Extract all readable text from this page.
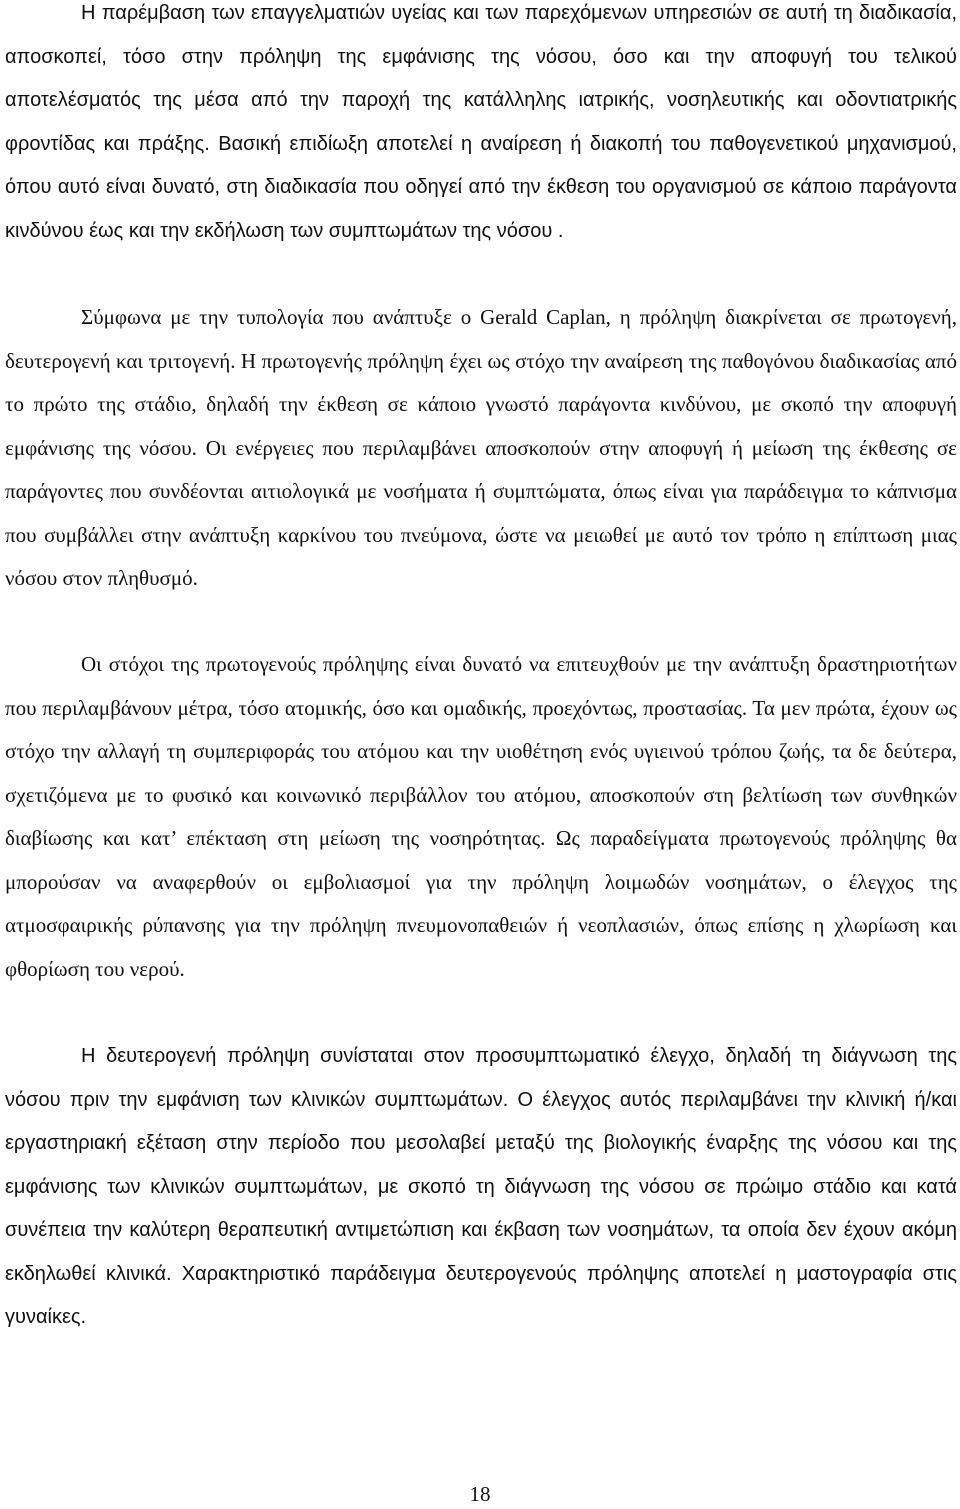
Η παρέμβαση των επαγγελματιών υγείας και των παρεχόμενων υπηρεσιών σε αυτή τη διαδικασία, αποσκοπεί, τόσο στην πρόληψη της εμφάνισης της νόσου, όσο και την αποφυγή του τελικού αποτελέσματός της μέσα από την παροχή της κατάλληλης ιατρικής, νοσηλευτικής και οδοντιατρικής φροντίδας και πράξης. Βασική επιδίωξη αποτελεί η αναίρεση ή διακοπή του παθογενετικού μηχανισμού, όπου αυτό είναι δυνατό, στη διαδικασία που οδηγεί από την έκθεση του οργανισμού σε κάποιο παράγοντα κινδύνου έως και την εκδήλωση των συμπτωμάτων της νόσου .

Σύμφωνα με την τυπολογία που ανάπτυξε ο Gerald Caplan, η πρόληψη διακρίνεται σε πρωτογενή, δευτερογενή και τριτογενή. Η πρωτογενής πρόληψη έχει ως στόχο την αναίρεση της παθογόνου διαδικασίας από το πρώτο της στάδιο, δηλαδή την έκθεση σε κάποιο γνωστό παράγοντα κινδύνου, με σκοπό την αποφυγή εμφάνισης της νόσου. Οι ενέργειες που περιλαμβάνει αποσκοπούν στην αποφυγή ή μείωση της έκθεσης σε παράγοντες που συνδέονται αιτιολογικά με νοσήματα ή συμπτώματα, όπως είναι για παράδειγμα το κάπνισμα που συμβάλλει στην ανάπτυξη καρκίνου του πνεύμονα, ώστε να μειωθεί με αυτό τον τρόπο η επίπτωση μιας νόσου στον πληθυσμό.

Οι στόχοι της πρωτογενούς πρόληψης είναι δυνατό να επιτευχθούν με την ανάπτυξη δραστηριοτήτων που περιλαμβάνουν μέτρα, τόσο ατομικής, όσο και ομαδικής, προεχόντως, προστασίας. Τα μεν πρώτα, έχουν ως στόχο την αλλαγή τη συμπεριφοράς του ατόμου και την υιοθέτηση ενός υγιεινού τρόπου ζωής, τα δε δεύτερα, σχετιζόμενα με το φυσικό και κοινωνικό περιβάλλον του ατόμου, αποσκοπούν στη βελτίωση των συνθηκών διαβίωσης και κατ’ επέκταση στη μείωση της νοσηρότητας. Ως παραδείγματα πρωτογενούς πρόληψης θα μπορούσαν να αναφερθούν οι εμβολιασμοί για την πρόληψη λοιμωδών νοσημάτων, ο έλεγχος της ατμοσφαιρικής ρύπανσης για την πρόληψη πνευμονοπαθειών ή νεοπλασιών, όπως επίσης η χλωρίωση και φθορίωση του νερού.

Η δευτερογενή πρόληψη συνίσταται στον προσυμπτωματικό έλεγχο, δηλαδή τη διάγνωση της νόσου πριν την εμφάνιση των κλινικών συμπτωμάτων. Ο έλεγχος αυτός περιλαμβάνει την κλινική ή/και εργαστηριακή εξέταση στην περίοδο που μεσολαβεί μεταξύ της βιολογικής έναρξης της νόσου και της εμφάνισης των κλινικών συμπτωμάτων, με σκοπό τη διάγνωση της νόσου σε πρώιμο στάδιο και κατά συνέπεια την καλύτερη θεραπευτική αντιμετώπιση και έκβαση των νοσημάτων, τα οποία δεν έχουν ακόμη εκδηλωθεί κλινικά. Χαρακτηριστικό παράδειγμα δευτερογενούς πρόληψης αποτελεί η μαστογραφία στις γυναίκες.

18
